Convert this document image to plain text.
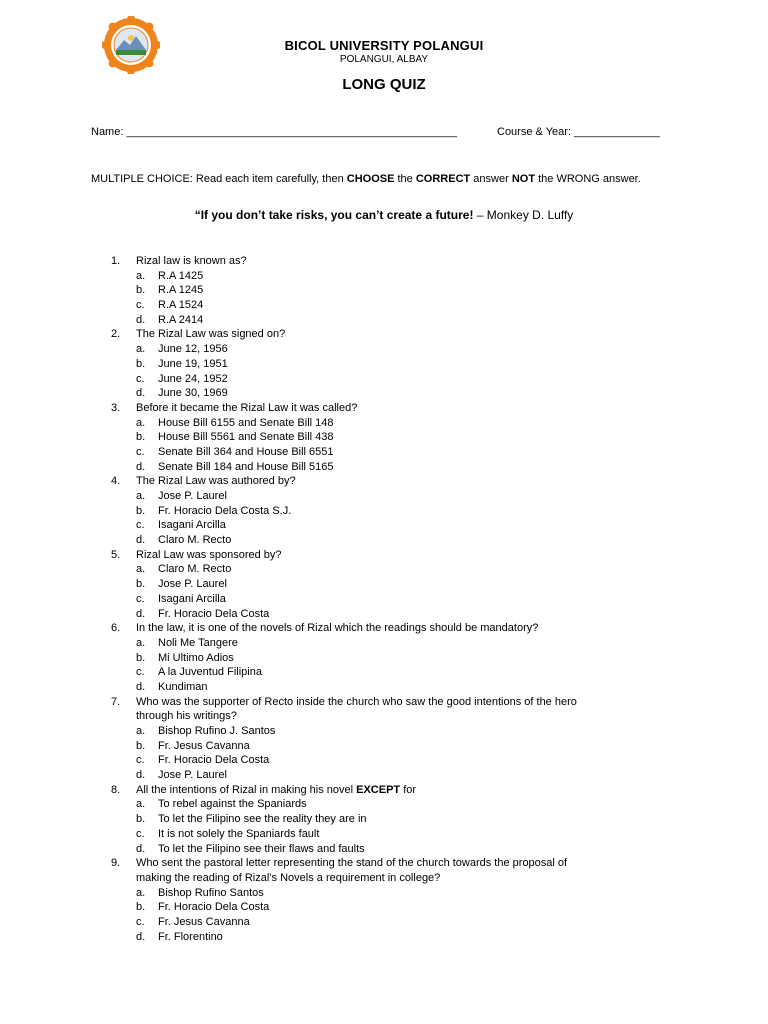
BICOL UNIVERSITY POLANGUI
POLANGUI, ALBAY
LONG QUIZ
Name: ______________________________________________________	Course & Year: ______________
MULTIPLE CHOICE: Read each item carefully, then CHOOSE the CORRECT answer NOT the WRONG answer.
“If you don’t take risks, you can’t create a future! – Monkey D. Luffy
1. Rizal law is known as?
a. R.A 1425
b. R.A 1245
c. R.A 1524
d. R.A 2414
2. The Rizal Law was signed on?
a. June 12, 1956
b. June 19, 1951
c. June 24, 1952
d. June 30, 1969
3. Before it became the Rizal Law it was called?
a. House Bill 6155 and Senate Bill 148
b. House Bill 5561 and Senate Bill 438
c. Senate Bill 364 and House Bill 6551
d. Senate Bill 184 and House Bill 5165
4. The Rizal Law was authored by?
a. Jose P. Laurel
b. Fr. Horacio Dela Costa S.J.
c. Isagani Arcilla
d. Claro M. Recto
5. Rizal Law was sponsored by?
a. Claro M. Recto
b. Jose P. Laurel
c. Isagani Arcilla
d. Fr. Horacio Dela Costa
6. In the law, it is one of the novels of Rizal which the readings should be mandatory?
a. Noli Me Tangere
b. Mi Ultimo Adios
c. A la Juventud Filipina
d. Kundiman
7. Who was the supporter of Recto inside the church who saw the good intentions of the hero
through his writings?
a. Bishop Rufino J. Santos
b. Fr. Jesus Cavanna
c. Fr. Horacio Dela Costa
d. Jose P. Laurel
8. All the intentions of Rizal in making his novel EXCEPT for
a. To rebel against the Spaniards
b. To let the Filipino see the reality they are in
c. It is not solely the Spaniards fault
d. To let the Filipino see their flaws and faults
9. Who sent the pastoral letter representing the stand of the church towards the proposal of
making the reading of Rizal’s Novels a requirement in college?
a. Bishop Rufino Santos
b. Fr. Horacio Dela Costa
c. Fr. Jesus Cavanna
d. Fr. Florentino
